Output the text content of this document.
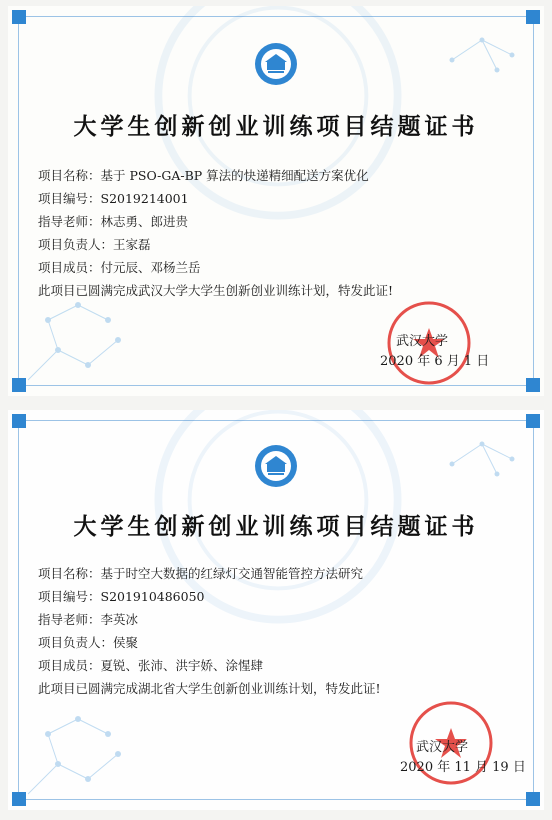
大学生创新创业训练项目结题证书
项目名称：基于 PSO-GA-BP 算法的快递精细配送方案优化
项目编号：S2019214001
指导老师：林志勇、郎进贵
项目负责人：王家磊
项目成员：付元辰、邓杨兰岳
此项目已圆满完成武汉大学大学生创新创业训练计划，特发此证!
武汉大学
2020 年 6 月 1 日
大学生创新创业训练项目结题证书
项目名称：基于时空大数据的红绿灯交通智能管控方法研究
项目编号：S201910486050
指导老师：李英冰
项目负责人：侯聚
项目成员：夏锐、张沛、洪宇娇、涂惺肆
此项目已圆满完成湖北省大学生创新创业训练计划，特发此证!
武汉大学
2020 年 11 月 19 日
